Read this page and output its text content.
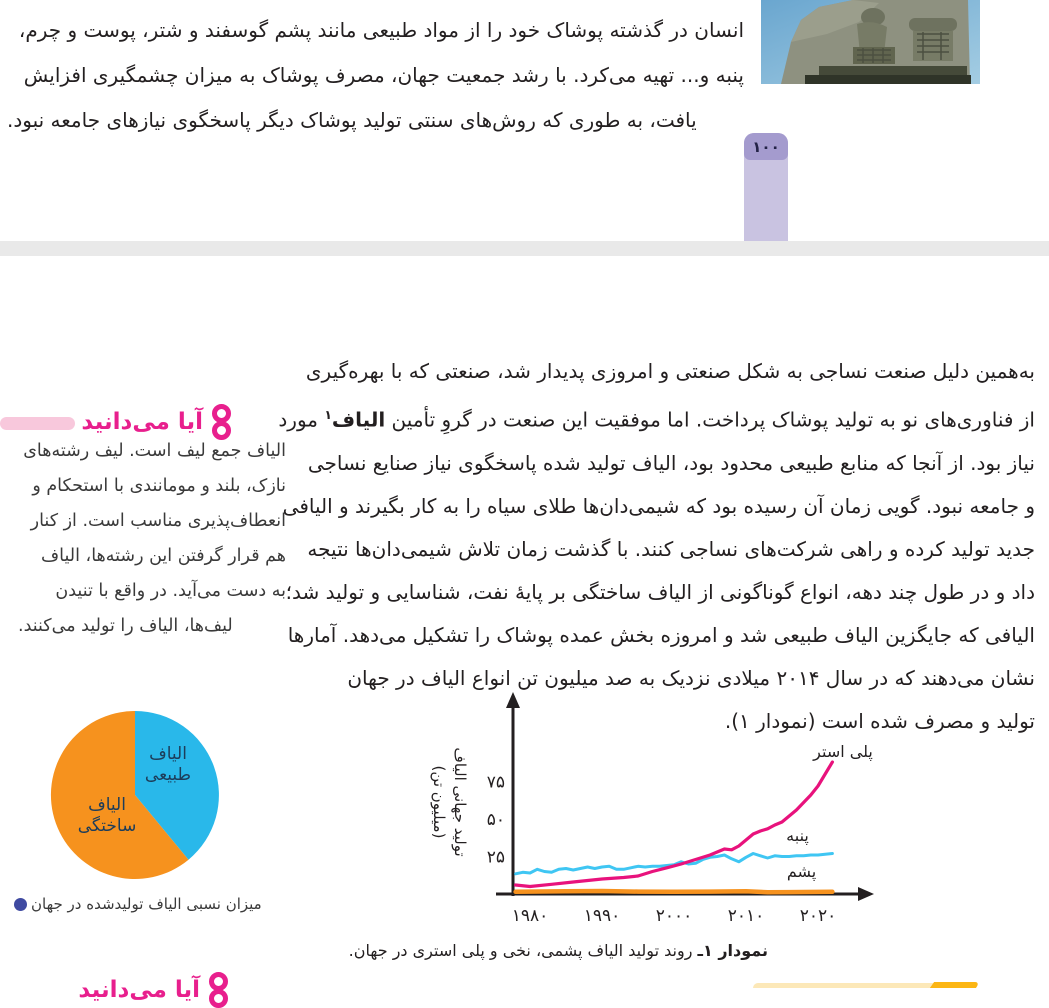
انسان در گذشته پوشاک خود را از مواد طبیعی مانند پشم گوسفند و شتر، پوست و چرم،
پنبه و... تهیه می‌کرد. با رشد جمعیت جهان، مصرف پوشاک به میزان چشمگیری افزایش
یافت، به طوری که روش‌های سنتی تولید پوشاک دیگر پاسخگوی نیازهای جامعه نبود.
۱۰۰
به‌همین دلیل صنعت نساجی به شکل صنعتی و امروزی پدیدار شد، صنعتی که با بهره‌گیری
از فناوری‌های نو به تولید پوشاک پرداخت. اما موفقیت این صنعت در گروِ تأمین الیاف$^۱$ مورد
نیاز بود. از آنجا که منابع طبیعی محدود بود، الیاف تولید شده پاسخگوی نیاز صنایع نساجی
و جامعه نبود. گویی زمان آن رسیده بود که شیمی‌دان‌ها طلای سیاه را به کار بگیرند و الیافی
جدید تولید کرده و راهی شرکت‌های نساجی کنند. با گذشت زمان تلاش شیمی‌دان‌ها نتیجه
داد و در طول چند دهه، انواع گوناگونی از الیاف ساختگی بر پایهٔ نفت، شناسایی و تولید شد؛
الیافی که جایگزین الیاف طبیعی شد و امروزه بخش عمده پوشاک را تشکیل می‌دهد. آمارها
نشان می‌دهند که در سال ۲۰۱۴ میلادی نزدیک به صد میلیون تن انواع الیاف در جهان
تولید و مصرف شده است (نمودار ۱).
آیا می‌دانید
الیاف جمع لیف است. لیف رشته‌های
نازک، بلند و مومانندی با استحکام و
انعطاف‌پذیری مناسب است. از کنار
هم قرار گرفتن این رشته‌ها، الیاف
به دست می‌آید. در واقع با تنیدن
لیف‌ها، الیاف را تولید می‌کنند.
الیاف طبیعی
الیاف ساختگی
میزان نسبی الیاف تولیدشده در جهان
۰
۲۵
۵۰
۷۵
۱۹۸۰ ۱۹۹۰ ۲۰۰۰ ۲۰۱۰ ۲۰۲۰
تولید جهانی الیاف
(میلیون تن)
پلی استر
پنبه
پشم
نمودار ۱ـ روند تولید الیاف پشمی، نخی و پلی استری در جهان.
آیا می‌دانید
